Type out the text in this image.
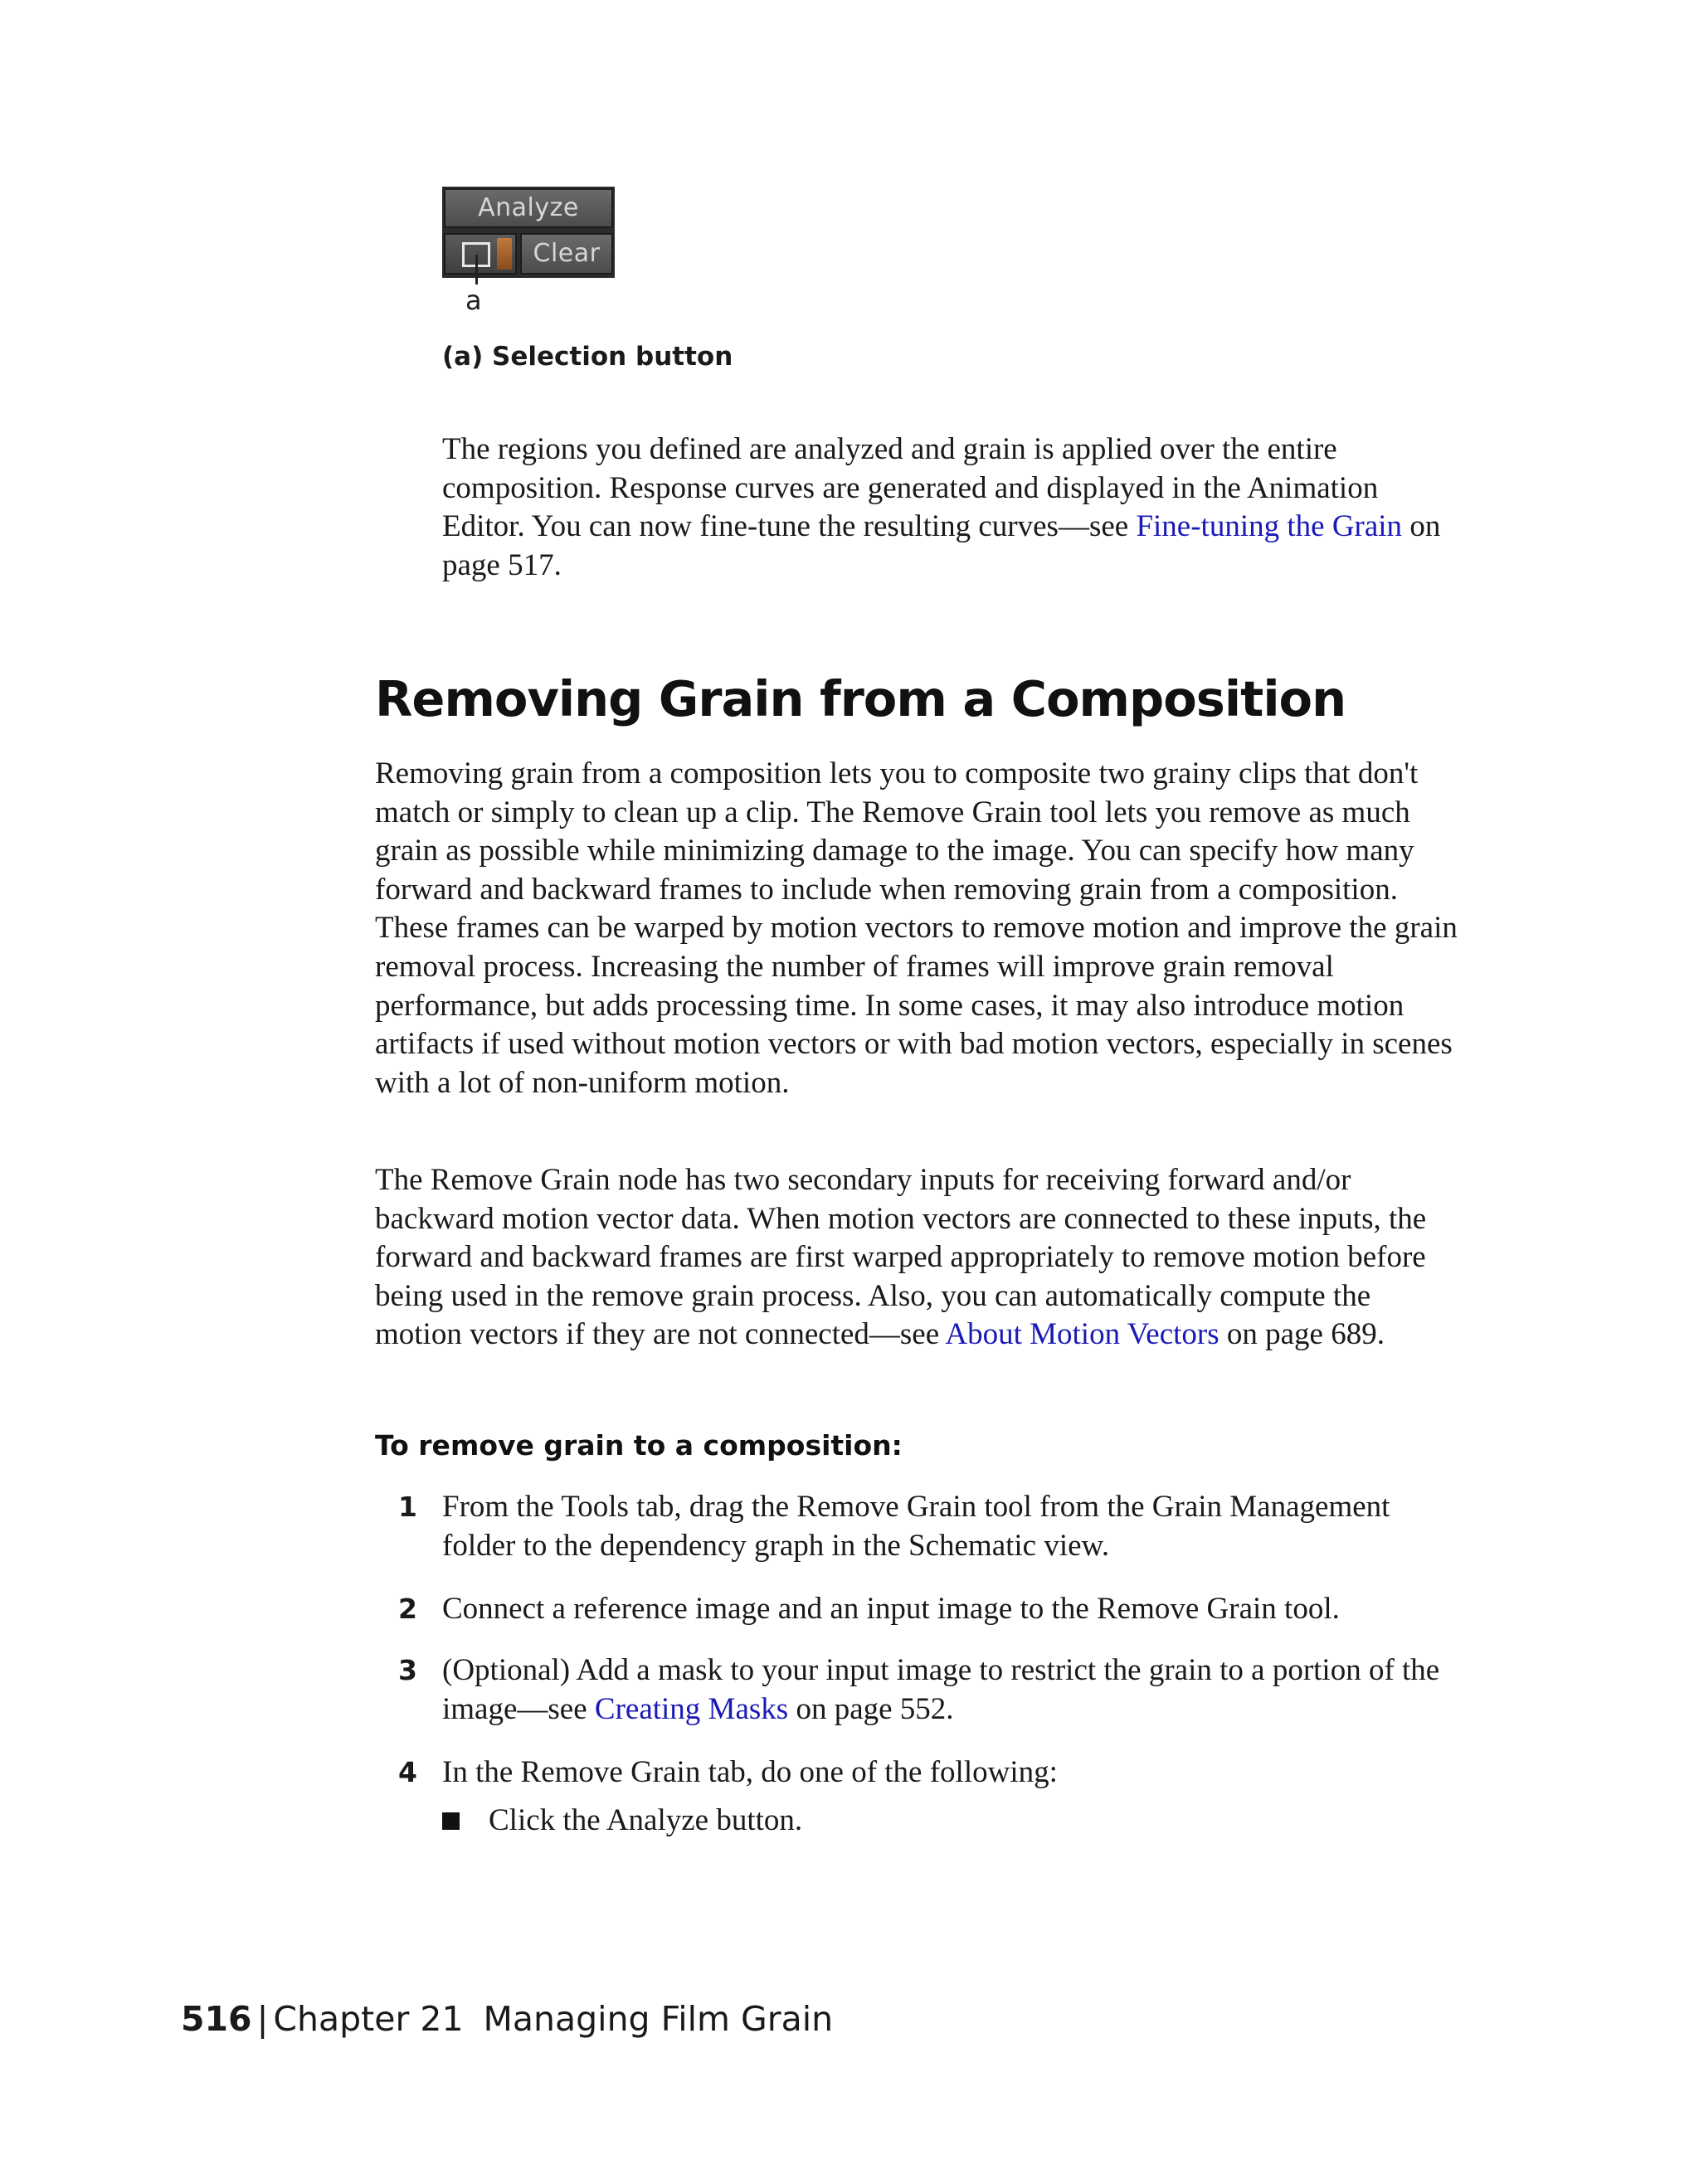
Analyze
Clear
a
(a) Selection button

The regions you defined are analyzed and grain is applied over the entire composition. Response curves are generated and displayed in the Animation Editor. You can now fine-tune the resulting curves—see Fine-tuning the Grain on page 517.

Removing Grain from a Composition

Removing grain from a composition lets you to composite two grainy clips that don't match or simply to clean up a clip. The Remove Grain tool lets you remove as much grain as possible while minimizing damage to the image. You can specify how many forward and backward frames to include when removing grain from a composition. These frames can be warped by motion vectors to remove motion and improve the grain removal process. Increasing the number of frames will improve grain removal performance, but adds processing time. In some cases, it may also introduce motion artifacts if used without motion vectors or with bad motion vectors, especially in scenes with a lot of non-uniform motion.

The Remove Grain node has two secondary inputs for receiving forward and/or backward motion vector data. When motion vectors are connected to these inputs, the forward and backward frames are first warped appropriately to remove motion before being used in the remove grain process. Also, you can automatically compute the motion vectors if they are not connected—see About Motion Vectors on page 689.

To remove grain to a composition:
1 From the Tools tab, drag the Remove Grain tool from the Grain Management folder to the dependency graph in the Schematic view.
2 Connect a reference image and an input image to the Remove Grain tool.
3 (Optional) Add a mask to your input image to restrict the grain to a portion of the image—see Creating Masks on page 552.
4 In the Remove Grain tab, do one of the following:
Click the Analyze button.
516 | Chapter 21 Managing Film Grain
